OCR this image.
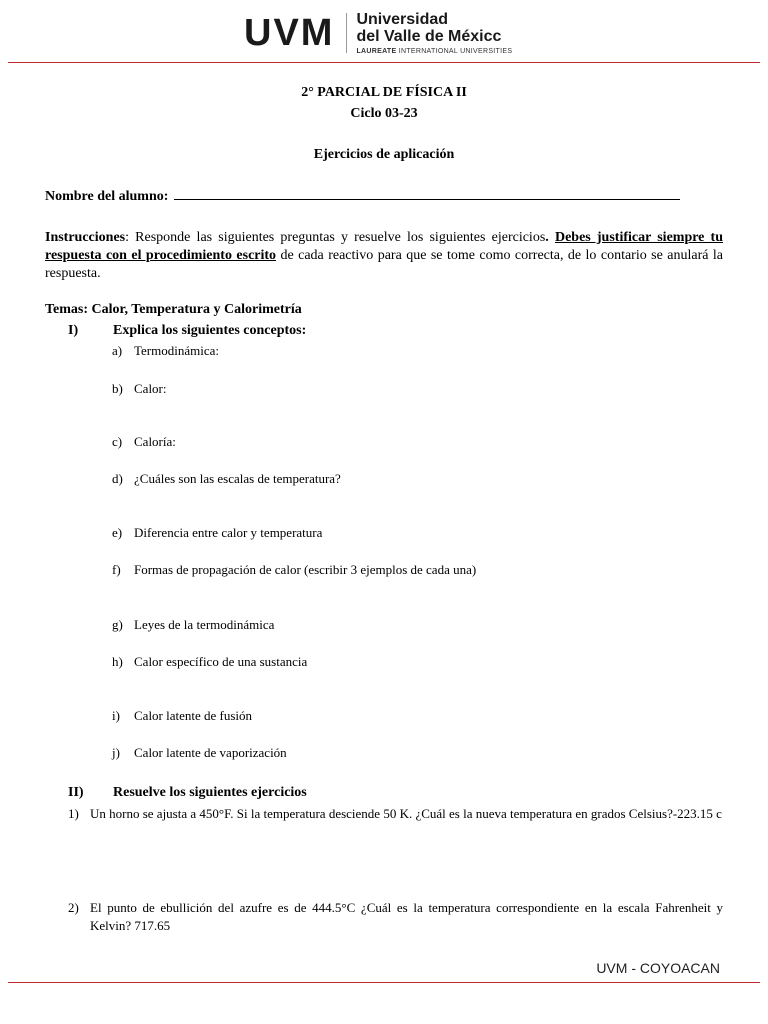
UVM Universidad
del Valle de Méxicc
LAUREATE INTERNATIONAL UNIVERSITIES
2° PARCIAL DE FÍSICA II
Ciclo 03-23
Ejercicios de aplicación
Nombre del alumno:
Instrucciones: Responde las siguientes preguntas y resuelve los siguientes ejercicios. Debes justificar siempre tu respuesta con el procedimiento escrito de cada reactivo para que se tome como correcta, de lo contario se anulará la respuesta.
Temas: Calor, Temperatura y Calorimetría
I) Explica los siguientes conceptos:
a) Termodinámica:
b) Calor:
c) Caloría:
d) ¿Cuáles son las escalas de temperatura?
e) Diferencia entre calor y temperatura
f) Formas de propagación de calor (escribir 3 ejemplos de cada una)
g) Leyes de la termodinámica
h) Calor específico de una sustancia
i) Calor latente de fusión
j) Calor latente de vaporización
II) Resuelve los siguientes ejercicios
1) Un horno se ajusta a 450°F. Si la temperatura desciende 50 K. ¿Cuál es la nueva temperatura en grados Celsius?-223.15 c
2) El punto de ebullición del azufre es de 444.5°C ¿Cuál es la temperatura correspondiente en la escala Fahrenheit y Kelvin? 717.65
UVM - COYOACAN
